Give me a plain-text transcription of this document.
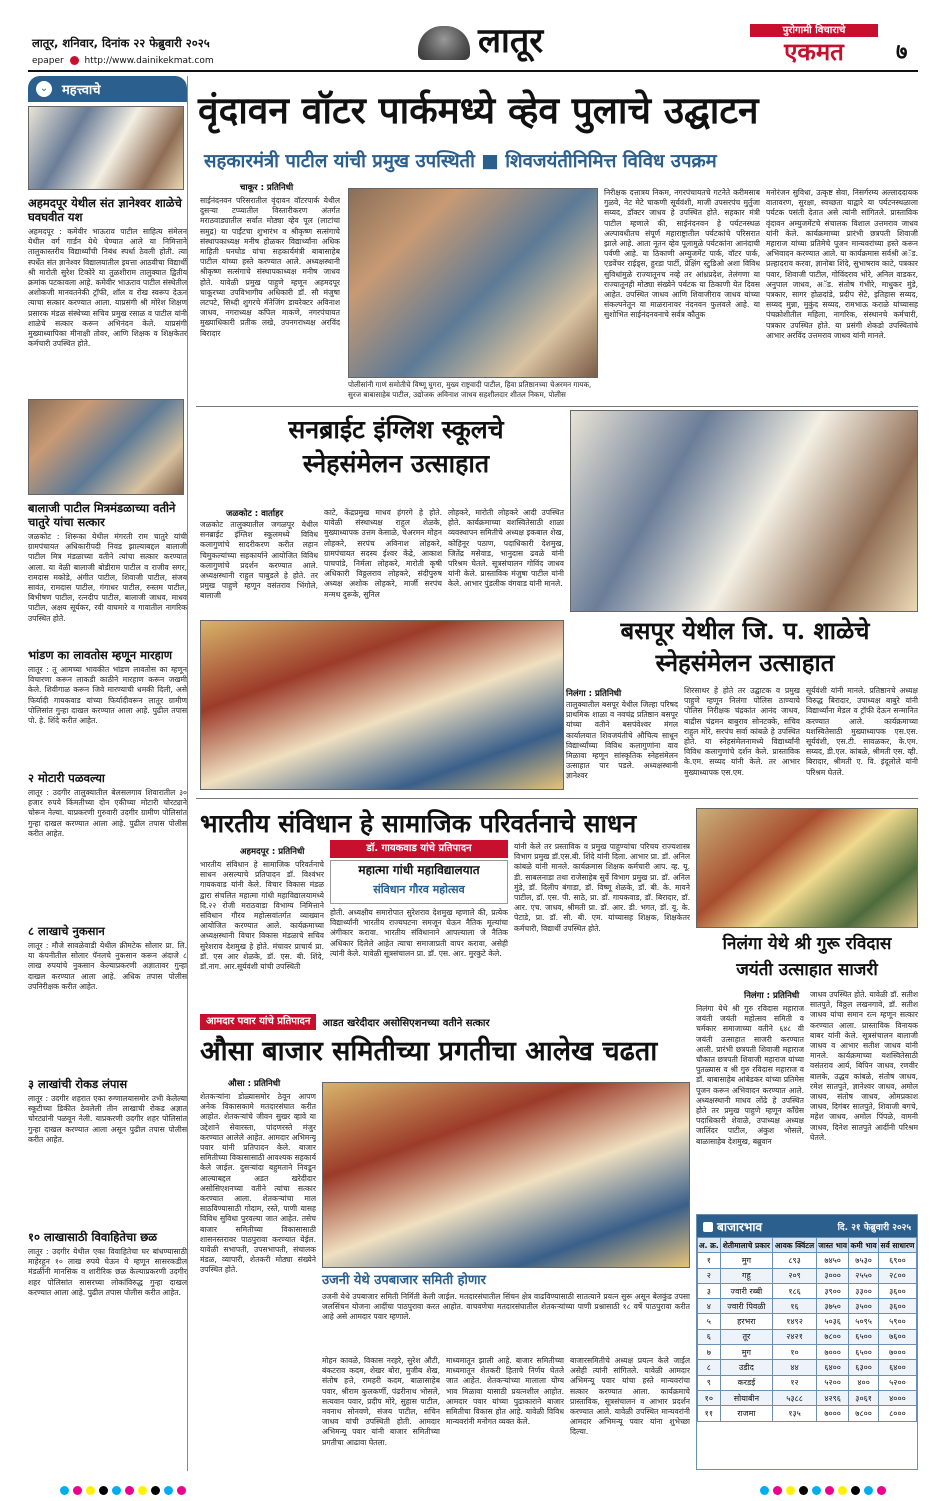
लातूर, शनिवार, दिनांक २२ फेब्रुवारी २०२५
epaper http://www.dainikekmat.com	लातूर	पुरोगामी विचाराचे
एकमत	७
⌄ महत्त्वाचे
अहमदपूर येथील संत ज्ञानेश्वर शाळेचे घवघवीत यश
अहमदपूर : कमेवीर भाऊराव पाटील साहित्य संमेलन येथील वर्ग गार्डन येथे घेण्यात आले या निमित्ताने तालुकास्तरीय विद्यार्थ्यांची निबंध स्पर्धा ठेवली होती. त्या स्पर्धेत संत ज्ञानेश्वर विद्यालयातील इयत्ता आठवीचा विद्यार्थी श्री मारोती सुरेश टिकोरे या तुळशीराम तालुक्यात द्वितीय क्रमांक पटकावला आहे. कमेवीर भाऊराव पाटील संस्थेतील अशोकजी मानवतनेकी ट्रॉफी, शॉल व रोख स्वरूप देऊन त्याचा सत्कार करण्यात आला. याप्रसंगी श्री मोरेश शिक्षण प्रसारक मंडळ संस्थेच्या सचिव प्रमुख रसाळ व पाटील यांनी शाळेचे सत्कार करून अभिनंदन केले. याप्रसंगी मुख्याध्यापिका मीनाक्षी तोवर, आणि शिक्षक व शिक्षकेतर कर्मचारी उपस्थित होते.
बालाजी पाटील मित्रमंडळाच्या वतीने चातुरे यांचा सत्कार
जळकोट : शिरूका येथील मंगरती राम चातुरे यांची ग्रामपंचायत अधिकारीपदी निवड झाल्याबद्दल बालाजी पाटील मित्र मंडळाच्या वतीने त्यांचा सत्कार करण्यात आला. या वेळी बालाजी बोडीराम पाटील व राजीव सगर, रामदास मकोडे, अंगीत पाटील, शिवाजी पाटील, संजय सावंत, रामदास पाटील, गंगाधर पाटील, रुस्तम पाटील, बिभीषण पाटील, रत्नदीप पाटील, बालाजी जाधव, माधव पाटील, अक्षय सूर्यकर, रवी वाघमारे व गावातील नागरिक उपस्थित होते.
भांडण का लावतोस म्हणून मारहाण
लातूर : तू आमच्या भावकीत भांडण लावतोस का म्हणून विचारणा करून लाकडी काठीने मारहाण करून जखमी केले. शिवीगाळ करून जिवे मारण्याची धमकी दिली, असे फिर्यादी गायकवाड यांच्या फिर्यादीवरून लातूर ग्रामीण पोलिसांत गुन्हा दाखल करण्यात आला आहे. पुढील तपास पो. हे. शिंदे करीत आहेत.
२ मोटारी पळवल्या
लातूर : उदगीर तालुक्यातील बेलसलगाव शिवारातील ३० हजार रुपये किंमतीच्या दोन एकीच्या मोटारी चोरट्याने चोरून नेल्या. याप्रकरणी गुरुवारी उदगीर ग्रामीण पोलिसांत गुन्हा दाखल करण्यात आला आहे. पुढील तपास पोलीस करीत आहेत.
८ लाखाचे नुकसान
लातूर : मौजे सावळेवाडी येथील क्रीमटेक सोलार प्रा. लि. या कंपनीतील सोलार पॅनलचे नुकसान करून अंदाजे ८ लाख रुपयांचे नुकसान केल्याप्रकरणी अज्ञातावर गुन्हा दाखल करण्यात आला आहे. अधिक तपास पोलीस उपनिरीक्षक करीत आहेत.
३ लाखांची रोकड लंपास
लातूर : उदगीर शहरात एका रुग्णालयासमोर उभी केलेल्या स्कूटीच्या डिकीत ठेवलेली तीन लाखाची रोकड अज्ञात चोरट्यांनी पळवून नेली. याप्रकरणी उदगीर शहर पोलिसांत गुन्हा दाखल करण्यात आला असून पुढील तपास पोलीस करीत आहेत.
१० लाखासाठी विवाहितेचा छळ
लातूर : उदगीर येथील एका विवाहितेचा घर बांधण्यासाठी माहेरहून १० लाख रुपये घेऊन ये म्हणून सासरकडील मंडळींनी मानसिक व शारीरिक छळ केल्याप्रकरणी उदगीर शहर पोलिसांत सासरच्या लोकांविरुद्ध गुन्हा दाखल करण्यात आला आहे. पुढील तपास पोलीस करीत आहेत.
वृंदावन वॉटर पार्कमध्ये व्हेव पुलाचे उद्घाटन
सहकारमंत्री पाटील यांची प्रमुख उपस्थिती ■ शिवजयंतीनिमित्त विविध उपक्रम
चाकूर : प्रतिनिधी
साईनंदनवन परिसरातील वृंदावन वॉटरपार्क येथील दुसऱ्या टप्प्यातील विस्तारीकरण अंतर्गत मराठवाड्यातील सर्वात मोठ्या व्हेव पूल (लाटांचा समुद्र) या पाईंटचा शुभारंभ व श्रीकृष्ण सत्संगाचे संस्थापकाध्यक्ष मनीष होळकर विद्यार्थ्यांना अधिक माहिती घनघोड यांचा सहकार्यमंत्री बाबासाहेब पाटील यांच्या हस्ते करण्यात आले. अध्यक्षस्थानी श्रीकृष्ण सत्संगाचे संस्थापकाध्यक्ष मनीष जाधव होते. यावेळी प्रमुख पाहुणे म्हणून अहमदपूर चाकूरच्या उपविभागीय अधिकारी डॉ. सौ मंजुषा लटपटे, सिध्दी शुगरचे मॅनेजिंग डायरेक्टर अविनाश जाधव, नगराध्यक्ष कपिल माकणे, नगरपंचायत मुख्याधिकारी प्रतीक लखे, उपनगराध्यक्ष अरविंद बिरादार
पोलीसांनी गाणं समोतीचे विष्णू घुगरा, मुख्य राष्ट्रवादी पाटील, हिवा प्रतिष्ठानच्या चेअरमन गायक, सुरज बाबासाहेब पाटील, उद्योजक अविनाश जाधव सहशीलदार शीतल निकम, पोलीस
निरीक्षक दत्तात्रय निकम, नगरपंचायतचे गटनेते करीमसाब गुळवे, नेट मेटे चाकणी सूर्यवंशी, माजी उपसरपंच मुर्तुजा सय्यद, डॉक्टर जाधव हे उपस्थित होते. सहकार मंत्री पाटील म्हणाले की, साईनंदनवन हे पर्यटनस्थळ अल्पावधीतच संपूर्ण महाराष्ट्रातील पर्यटकांचे परिसरात झाले आहे. आता नूतन व्हेव पूलामुळे पर्यटकांना आनंदाची पर्वणी आहे. या ठिकाणी अम्युजमेंट पार्क, वॉटर पार्क, एडवेंचर राईड्स, हुरडा पार्टी, प्रेक्षिंग स्टुडिओ अशा विविध सुविधांमुळे राज्यातूनच नव्हे तर आंध्रप्रदेश, तेलंगणा या राज्यातूनही मोठ्या संख्येने पर्यटक या ठिकाणी येत दिवस आहेत. उपस्थित जाधव आणि शिवाजीराव जाधव यांच्या संकल्पनेतून या माळरानावर नंदनवन फुलवले आहे. या सुशोभित साईनंदनवनाचे सर्वत्र कौतुक
मनोरंजन सुविधा, उत्कृष्ट सेवा, निसर्गरम्य अल्लाददायक वातावरण, सुरक्षा, स्वच्छता याद्वारे या पर्यटनस्थळाला पर्यटक पसंती देतात असे त्यांनी सांगितले. प्रास्ताविक वृंदावन अम्युजमेंटचे संचालक विशाल उत्तमराव जाधव यांनी केले. कार्यक्रमाच्या प्रारंभी छत्रपती शिवाजी महाराज यांच्या प्रतिमेचे पूजन मान्यवरांच्या हस्ते करून अभिवादन करण्यात आले. या कार्यक्रमास सर्वश्री अॅड. प्रल्हादराव करवा, ज्ञानोबा शिंदे, सुभाषराव काटे, पत्रकार पवार, शिवाजी पाटील, गोविंदराव भोरे, अनिल वाडकर, अनुपाल जाधव, अॅड. संतोष गंभीरे, माधुकर मुंडे, पत्रकार, सागर होळदांडे, प्रदीप सेटे, इतिहास सय्यद, सय्यद मुन्ना, मुकुंद सय्यद, रामभाऊ कराळे यांच्यासह पंचक्रोशीतील महिला, नागरिक, संस्थानचे कर्मचारी, पत्रकार उपस्थित होते. या प्रसंगी शेकडो उपस्थितांचे आभार अरविंद उत्तमराव जाधव यांनी मानले.
सनब्राईट इंग्लिश स्कूलचे
स्नेहसंमेलन उत्साहात
जळकोट : वार्ताहर
जळकोट तालुक्यातील जगळपूर येथील सनब्राईट इंग्लिश स्कूलमध्ये विविध कलागुणांचे सादरीकरण करीत लहान चिमुकल्यांच्या सहकार्याने आयोजित विविध कलागुणांचे प्रदर्शन करण्यात आले. अध्यक्षस्थानी राहुल चाबुडले हे होते. तर प्रमुख पाहुणे म्हणून वसंतराव भिंगोले, बालाजी
काटे, केंद्रप्रमुख माधव हंगरगे हे होते. यावेळी संस्थाध्यक्ष राहुल शेळके, मुख्याध्यापक उत्तम केसाळे, चेअरमन मोहन लोहकरे, सरपंच अविनाश लोहकरे, ग्रामपंचायत सदस्य ईश्वर केंद्रे, आकाश पाचपांडे, निर्मला लोहकरे, मारोती कृषी अधिकारी विठ्ठलराव लोहकरे, संदीपुरुष अध्यक्ष अशोक लोहकरे, मार्जी सरपंच मन्मथ दुरूके, सुनिल
लोहकरे, मारोती लोहकरे आदी उपस्थित होते. कार्यक्रमाच्या यशस्वितेसाठी शाळा व्यवस्थापन समितीचे अध्यक्ष इकबाल शेख, कोहिनूर पठाण, पदाधिकारी देशमुख, जितेंद्र मसेवाड, भानुदास ढवळे यांनी परिश्रम घेतले. सूत्रसंचालन गोविंद जाधव यांनी केले. प्रास्ताविक मंजुषा पाटील यांनी केले. आभार पुंडलीक वंगवाड यांनी मानले.
बसपूर येथील जि. प. शाळेचे
स्नेहसंमेलन उत्साहात
निलंगा : प्रतिनिधी
तालुक्यातील बसपूर येथील जिल्हा परिषद प्राथमिक शाळा व नवचंद्र प्रतिष्ठान बसपूर यांच्या वतीने बसपंवेश्वर मंगल कार्यालयात शिवजयंतीचे औचित्य साधून विद्यार्थ्यांच्या विविध कलागुणांना वाव मिळावा म्हणून सांस्कृतिक स्नेहसंमेलन उत्साहात पार पडले. अध्यक्षस्थानी ज्ञानेश्वर
शिरसाथर हे होते तर उद्घाटक व प्रमुख पाहुणे म्हणून निलंगा पोलिस ठाण्याचे पोलिस निरीक्षक चंद्रकांत आनंद जाधव, बाद्रीस चंद्रमन बाबुराव सोनटक्के, सचिव राहुल मोरे, सरपंच सर्वा कांबळे हे उपस्थित होते. या स्नेहसंमेलनामध्ये विद्यार्थ्यांनी विविध कलागुणांचे दर्शन केले. प्रास्ताविक के.एम. सय्यद यांनी केले. तर आभार मुख्याध्यापक एस.एम.
सूर्यवंशी यांनी मानले. प्रतिष्ठानचे अध्यक्ष विरुद्ध बिरादार, उपाध्यक्ष बाबुरे यांनी विद्यार्थ्यांना मेडल व ट्रॉफी देऊन सन्मानित करण्यात आले. कार्यक्रमाच्या यशस्वितेसाठी मुख्याध्यापक एस.एस. सूर्यवंशी, एस.टी. सावळकर, के.एम. सय्यद, डी.एल. कांबळे, श्रीमती एस. व्ही. बिरादार, श्रीमती ए. वि. इंदूलोले यांनी परिश्रम घेतले.
भारतीय संविधान हे सामाजिक परिवर्तनाचे साधन
अहमदपूर : प्रतिनिधी	डॉ. गायकवाड यांचे प्रतिपादन
महात्मा गांधी महाविद्यालयात
संविधान गौरव महोत्सव
भारतीय संविधान हे सामाजिक परिवर्तनाचे साधन असल्याचे प्रतिपादन डॉ. विश्वंभर गायकवाड यांनी केले. विचार विकास मंडळ द्वारा संचलित महात्मा गांधी महाविद्यालयामध्ये दि.२२ रोजी मराठवाडा विभाग्य निमित्ताने संविधान गौरव महोत्सवांतर्गत व्याख्यान आयोजित करण्यात आले. कार्यक्रमाच्या अध्यक्षस्थानी विचार विकास मंडळाचे सचिव सुरेशराव देशमुख हे होते. मंचावर प्राचार्य प्रा. डॉ. एस आर शेळके, डॉ. एस. बी. शिंदे, डॉ.नाग. आर.सूर्यवंशी यांची उपस्थिती
होती. अध्यक्षीय समारोपात सुरेशराव देशमुख म्हणाले की, प्रत्येक विद्यार्थ्यांनी भारतीय राज्यघटना समजून घेऊन नैतिक मूल्यांचा अंगीकार करावा. भारतीय संविधानाने आपल्याला जे नैतिक अधिकार दिलेले आहेत त्याचा समाजाप्रती वापर करावा, असेही त्यांनी केले. यावेळी सूत्रसंचालन प्रा. डॉ. एस. आर. मुरकुटे केले.
यांनी केले तर प्रस्ताविक व प्रमुख पाहुण्यांचा परिचय राज्यशास्त्र विभाग प्रमुख डॉ.एस.बी. शिंदे यांनी दिला. आभार प्रा. डॉ. अनिल कांबळे यांनी मानले. कार्यक्रमास शिक्षक कर्मचारी आप. व्ह. यू. डी. साबलनाडा तथा राजेसाहेब सुर्वे विभाग प्रमुख प्रा. डॉ. अनिल मुंडे, डॉ. दिलीप बंगाडा, डॉ. विष्णू शेळके, डॉ. बी. के. मावने पाटील, डॉ. एस. पी. साठे, प्रा. डॉ. गायकवाड, डॉ. बिरादार, डॉ. आर. एच. जाधव, श्रीमती प्रा. डॉ. आर. डी. भगत, डॉ. यू. के. पेटाडे, प्रा. डॉ. सी. बी. एम. यांच्यासह शिक्षक, शिक्षकेतर कर्मचारी, विद्यार्थी उपस्थित होते.
निलंगा येथे श्री गुरू रविदास
जयंती उत्साहात साजरी
निलंगा : प्रतिनिधी
निलंगा येथे श्री गुरु रविदास महाराज जयंती जयंती महोत्सव समिती व चर्मकार समाजाच्या वतीने ६४८ वी जयंती उत्साहात साजरी करण्यात आली. प्रारंभी छत्रपती शिवाजी महाराज चौकात छत्रपती शिवाजी महाराज यांच्या पुतळ्यास व श्री गुरु रविदास महाराज व डॉ. बाबासाहेब आंबेडकर यांच्या प्रतिमेस पूजन करून अभिवादन करण्यात आले. अध्यक्षस्थानी माधव लोंढे हे उपस्थित होते तर प्रमुख पाहुणे म्हणून कॉंग्रेस पदाधिकारी शेवाळे, उपाध्यक्ष अध्यक्ष जालिंदर पाटील, अंकुश भोसले, बाळासाहेब देशमुख, बब्रुवान
जाधव उपस्थित होते. यावेळी डॉ. सतीश सातपुते, विठ्ठल लखनगावे, डॉ. सतीश जाधव यांचा समान रत्न म्हणून सत्कार करण्यात आला. प्रास्ताविक विनायक बाबर यांनी केले. सूत्रसंचालन बालाजी जाधव व आभार सतीश जाधव यांनी मानले. कार्यक्रमाच्या यशस्वितेसाठी वसंतराव आर्य, बिपिन जाधव, रणवीर बालके, उद्धव कांबळे, संतोष जाधव, रमेश सातपुते, ज्ञानेश्वर जाधव, अमोल जाधव, संतोष जाधव, ओमप्रकाश जाधव, दिगंबर सातपुते, शिवाजी बगचे, महेश जाधव, अमोल पिंपळे, वामनी जाधव, दिनेश सातपुते आदींनी परिश्रम घेतले.
आमदार पवार यांचे प्रतिपादन	आडत खरेदीदार असोसिएशनच्या वतीने सत्कार
औसा बाजार समितीच्या प्रगतीचा आलेख चढता
औसा : प्रतिनिधी
शेतकऱ्यांना डोळ्यासमोर ठेवून आपण अनेक विकासकामे मतदारसंघात करीत आहोत. शेतकऱ्यांचे जीवन सुखर व्हावे या उद्देशाने सेवारस्ता, पांदणरस्ते मंजुर करण्यात आलेले आहेत. आमदार अभिमन्यू पवार यांनी प्रतिपादन केले. बाजार समितीच्या विकासासाठी आवश्यक सहकार्य केले जाईल. दुसऱ्यांदा बहुमताने निवडून आल्याबद्दल अडत खरेदीदार असोसिएशनच्या वतीने त्यांचा सत्कार करण्यात आला. शेतकऱ्यांचा माल साठविण्यासाठी गोदाम, रस्ते, पाणी यासह विविध सुविधा पुरवल्या जात आहेत. तसेच बाजार समितीच्या विकासासाठी शासनस्तरावर पाठपुरावा करण्यात येईल. यावेळी सभापती, उपसभापती, संचालक मंडळ, व्यापारी, शेतकरी मोठ्या संख्येने उपस्थित होते.
उजनी येथे उपबाजार समिती होणार
उजनी येथे उपबाजार समिती निर्मिती केली जाईल. मतदारसंघातील सिंचन क्षेत्र वाढविण्यासाठी सातत्याने प्रयत्न सुरू असून बेलकुंड उपसा जलसिंचन योजना आदींचा पाठपुरावा करत आहोत. वाचवणेचा मतदारसंघातील शेतकऱ्यांच्या पाणी प्रश्नासाठी १८ वर्षे पाठपुरावा करीत आहे असे आमदार पवार म्हणाले.
मोहन कावळे, विकास नरहरे, सुरेश औटी, बंकटराव कदम, शेखर बोरा, मुजीब शेख, संतोष हत्ते, रामहरी कदम, बाळासाहेब पवार, श्रीराम कुलकर्णी, पंढरीनाथ भोसले, सत्यवान पवार, प्रदीप मोरे, सुहास पाटील, नवनाथ सोनवणे, संजय पाटील, सचिन जाधव यांची उपस्थिती होती. आमदार अभिमन्यू पवार यांनी बाजार समितीच्या प्रगतीचा आढावा घेतला.
माध्यमातून झाली आहे. बाजार समितीच्या माध्यमातून शेतकरी हिताचे निर्णय घेतले जात आहेत. शेतकऱ्यांच्या मालाला योग्य भाव मिळावा यासाठी प्रयत्नशील आहोत. आमदार पवार यांच्या पुढाकाराने बाजार समितीचा विकास होत आहे. यावेळी विविध मान्यवरांनी मनोगत व्यक्त केले.
बाजारसमितीचे अध्यक्ष प्रयत्न केले जाईल असेही त्यांनी सांगितले. यावेळी आमदार अभिमन्यू पवार यांचा हस्ते मान्यवरांचा सत्कार करण्यात आला. कार्यक्रमाचे प्रास्ताविक, सूत्रसंचालन व आभार प्रदर्शन करण्यात आले. यावेळी उपस्थित मान्यवरांनी आमदार अभिमन्यू पवार यांना शुभेच्छा दिल्या.
बाजारभाव	दि. २१ फेब्रुवारी २०२५
अ. क्र.	शेतीमालाचे प्रकार	आवक क्विंटल	जास्त भाव	कमी भाव	सर्व साधारण
१	मुग	८९३	७४५०	७५३०	६९००
२	गहू	२०९	३०००	२५५०	२८००
३	ज्वारी रब्बी	१८६	३९००	३३००	३६००
४	ज्वारी पिवळी	१६	३७५०	३५००	३६००
५	हरभरा	१४९२	५०३६	५०९५	५९००
६	तूर	२४२१	७८००	६५००	७६००
७	मुग	१०	७०००	६५००	७०००
८	उडीद	४४	६४००	६३००	६४००
९	करडई	१२	५२००	४००	५२००
१०	सोयाबीन	५३८८	४२९६	३०६१	४०००
११	राजमा	१३५	७०००	७८००	८०००
